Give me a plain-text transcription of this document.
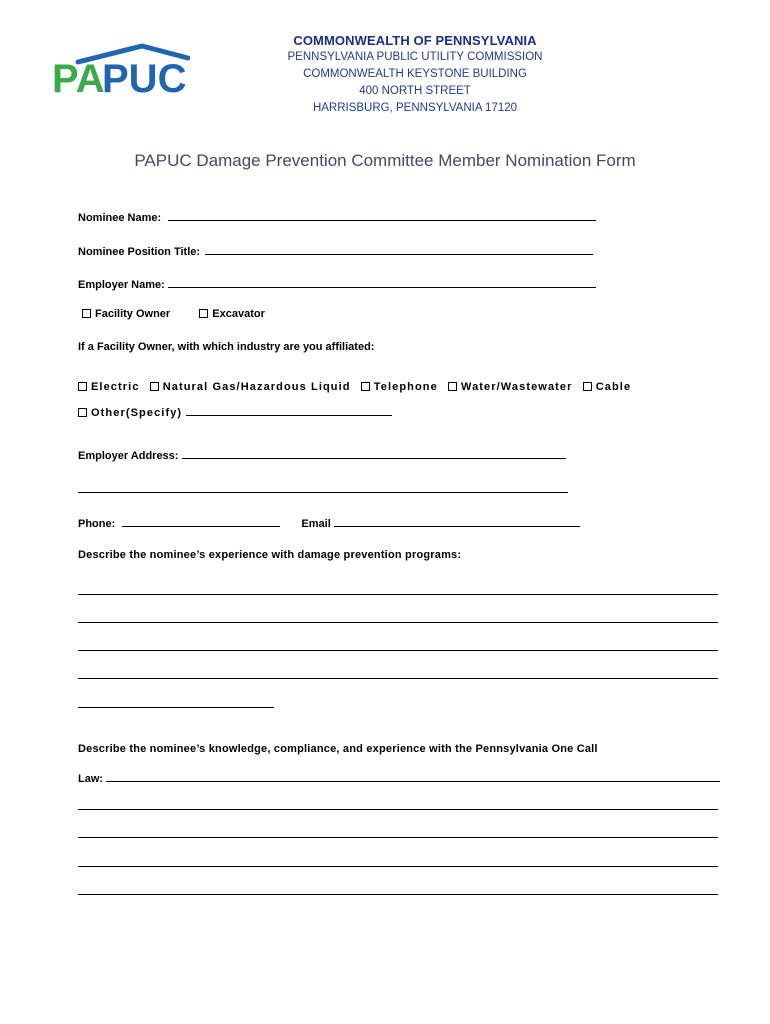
PA
PUC
COMMONWEALTH OF PENNSYLVANIA
PENNSYLVANIA PUBLIC UTILITY COMMISSION
COMMONWEALTH KEYSTONE BUILDING
400 NORTH STREET
HARRISBURG, PENNSYLVANIA 17120
PAPUC Damage Prevention Committee Member Nomination Form
Nominee Name:
Nominee Position Title:
Employer Name:
Facility Owner	Excavator
If a Facility Owner, with which industry are you affiliated:
Electric Natural Gas/Hazardous Liquid Telephone Water/Wastewater Cable
Other(Specify)
Employer Address:
Phone:	Email
Describe the nominee’s experience with damage prevention programs:
Describe the nominee’s knowledge, compliance, and experience with the Pennsylvania One Call
Law:
